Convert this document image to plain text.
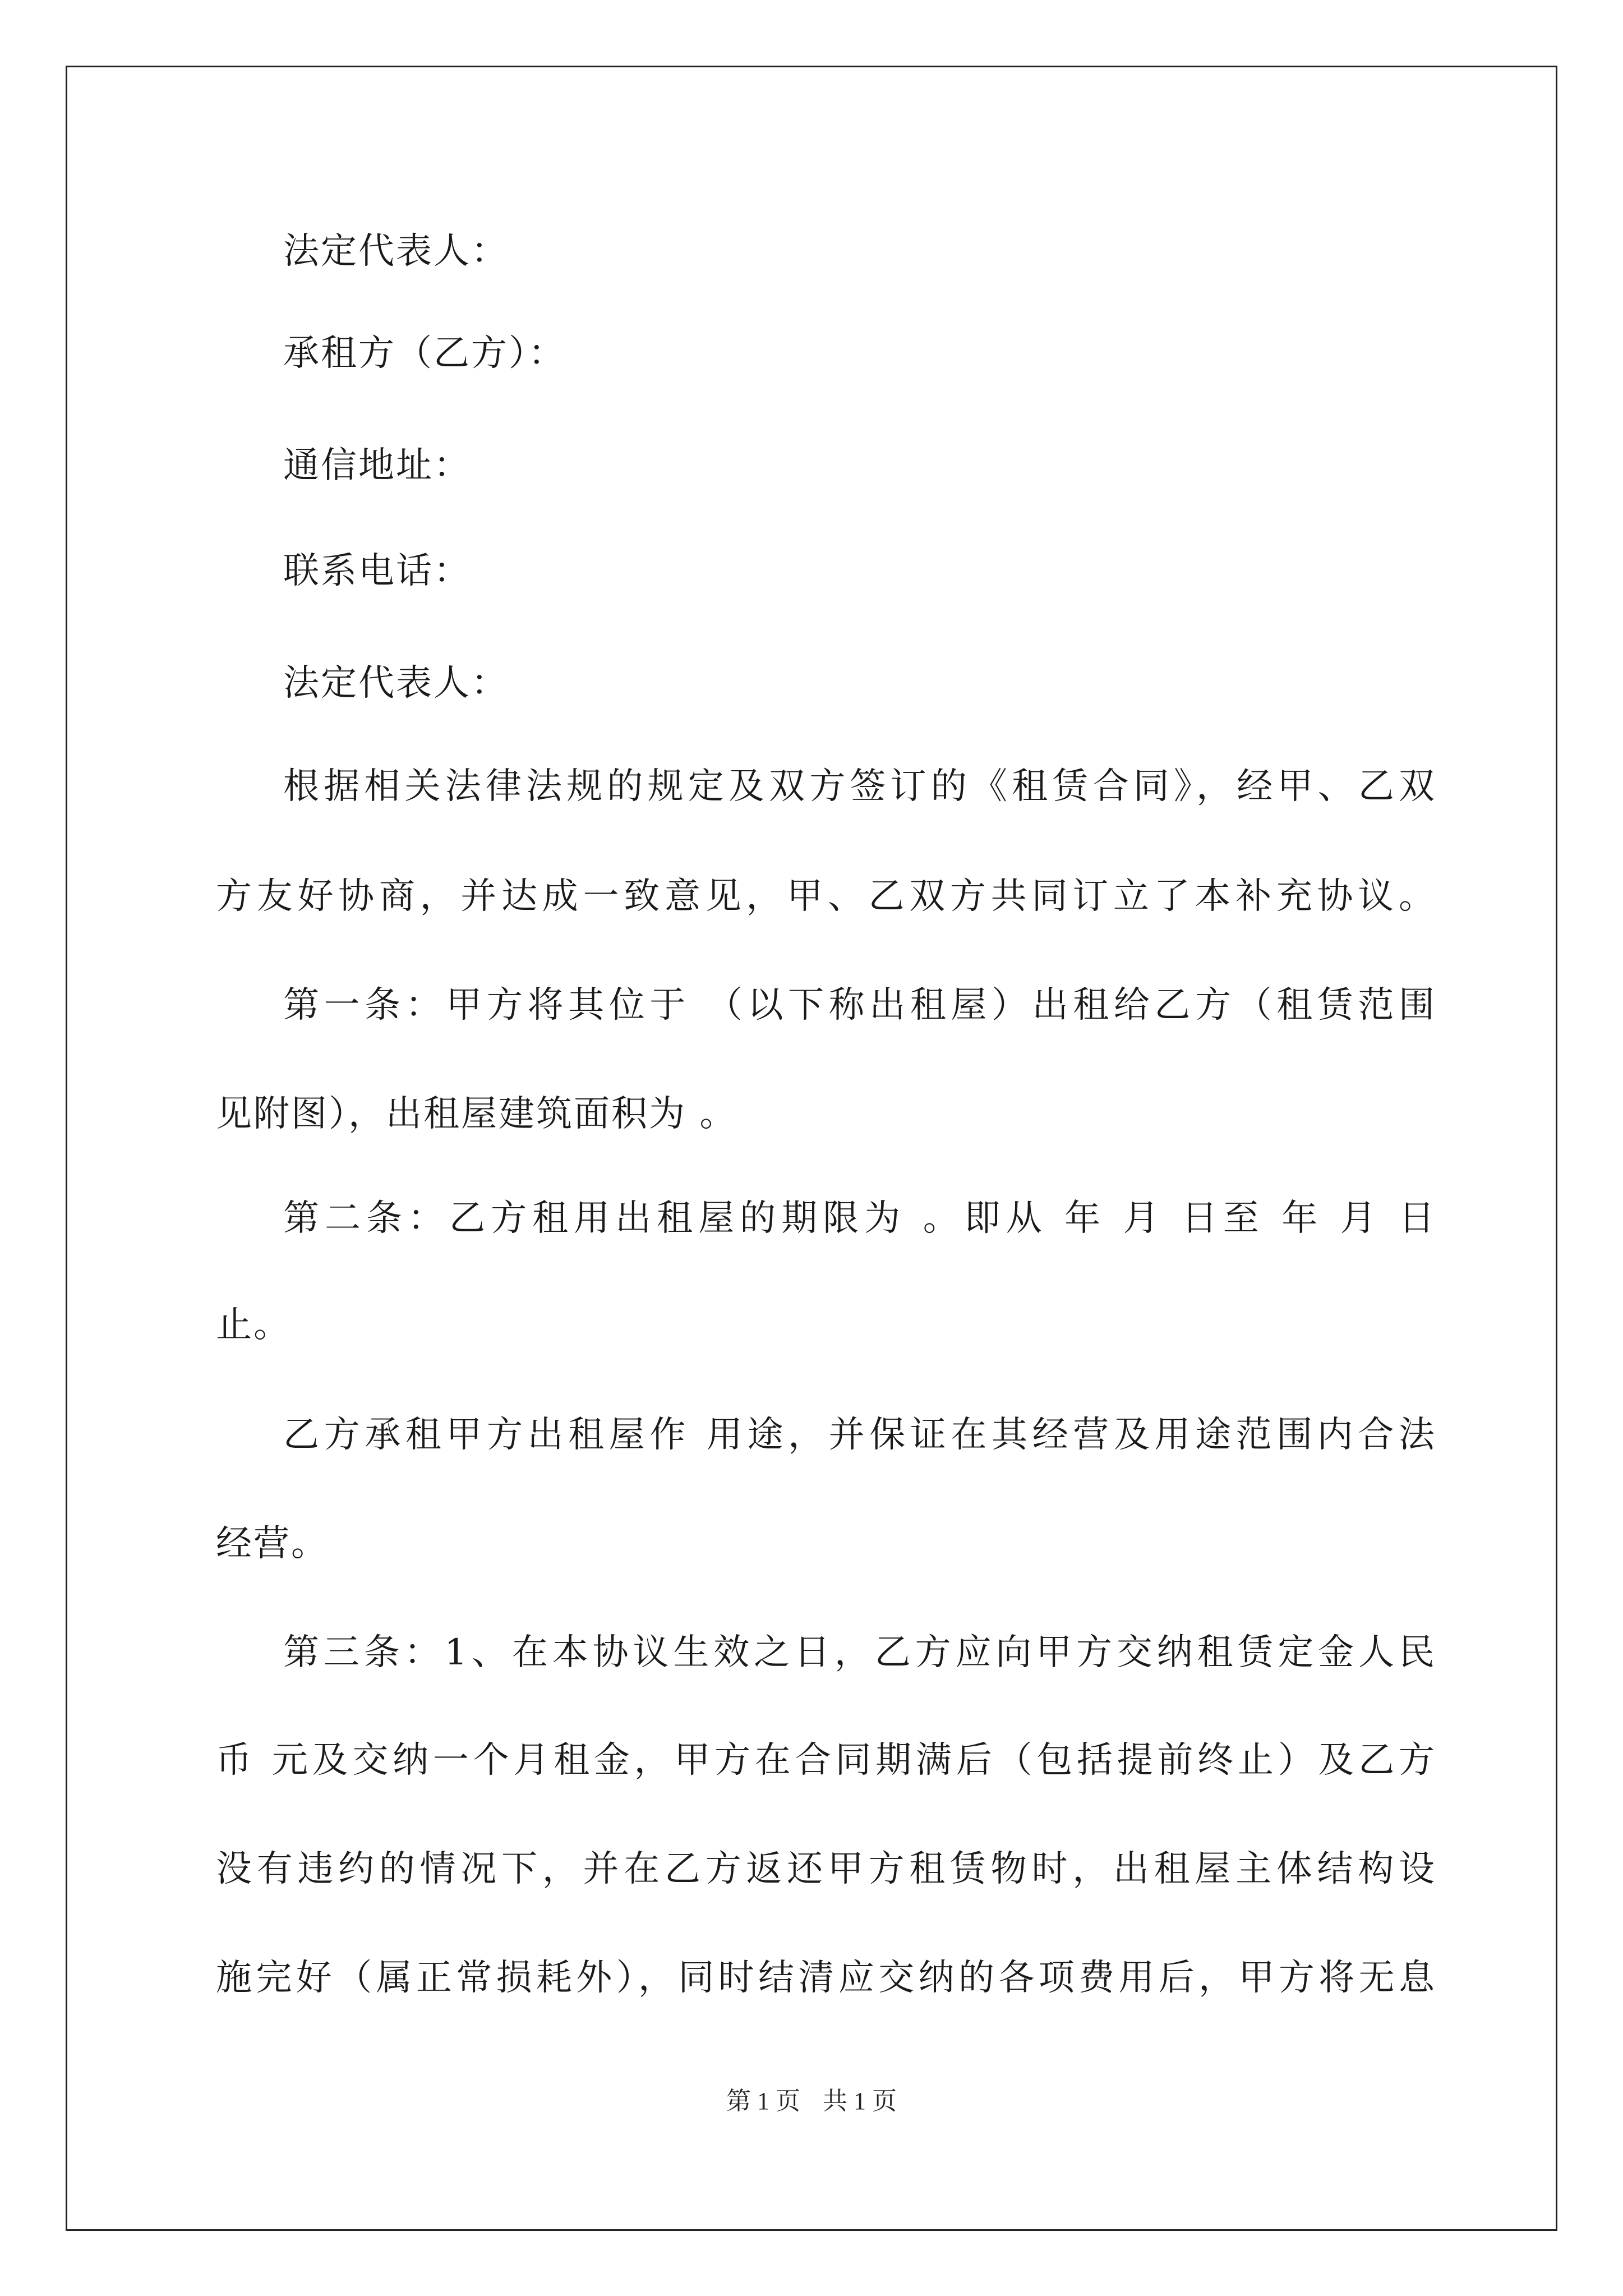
法定代表人：
承租方（乙方）：
通信地址：
联系电话：
法定代表人：
根据相关法律法规的规定及双方签订的《租赁合同》，经甲、乙双
方友好协商，并达成一致意见，甲、乙双方共同订立了本补充协议。
第一条：甲方将其位于 （以下称出租屋）出租给乙方（租赁范围
见附图），出租屋建筑面积为 。
第二条：乙方租用出租屋的期限为 。即从 年 月 日至 年 月 日
止。
乙方承租甲方出租屋作 用途，并保证在其经营及用途范围内合法
经营。
第三条：1、在本协议生效之日，乙方应向甲方交纳租赁定金人民
币 元及交纳一个月租金，甲方在合同期满后（包括提前终止）及乙方
没有违约的情况下，并在乙方返还甲方租赁物时，出租屋主体结构设
施完好（属正常损耗外），同时结清应交纳的各项费用后，甲方将无息
第 1 页 共 1 页
